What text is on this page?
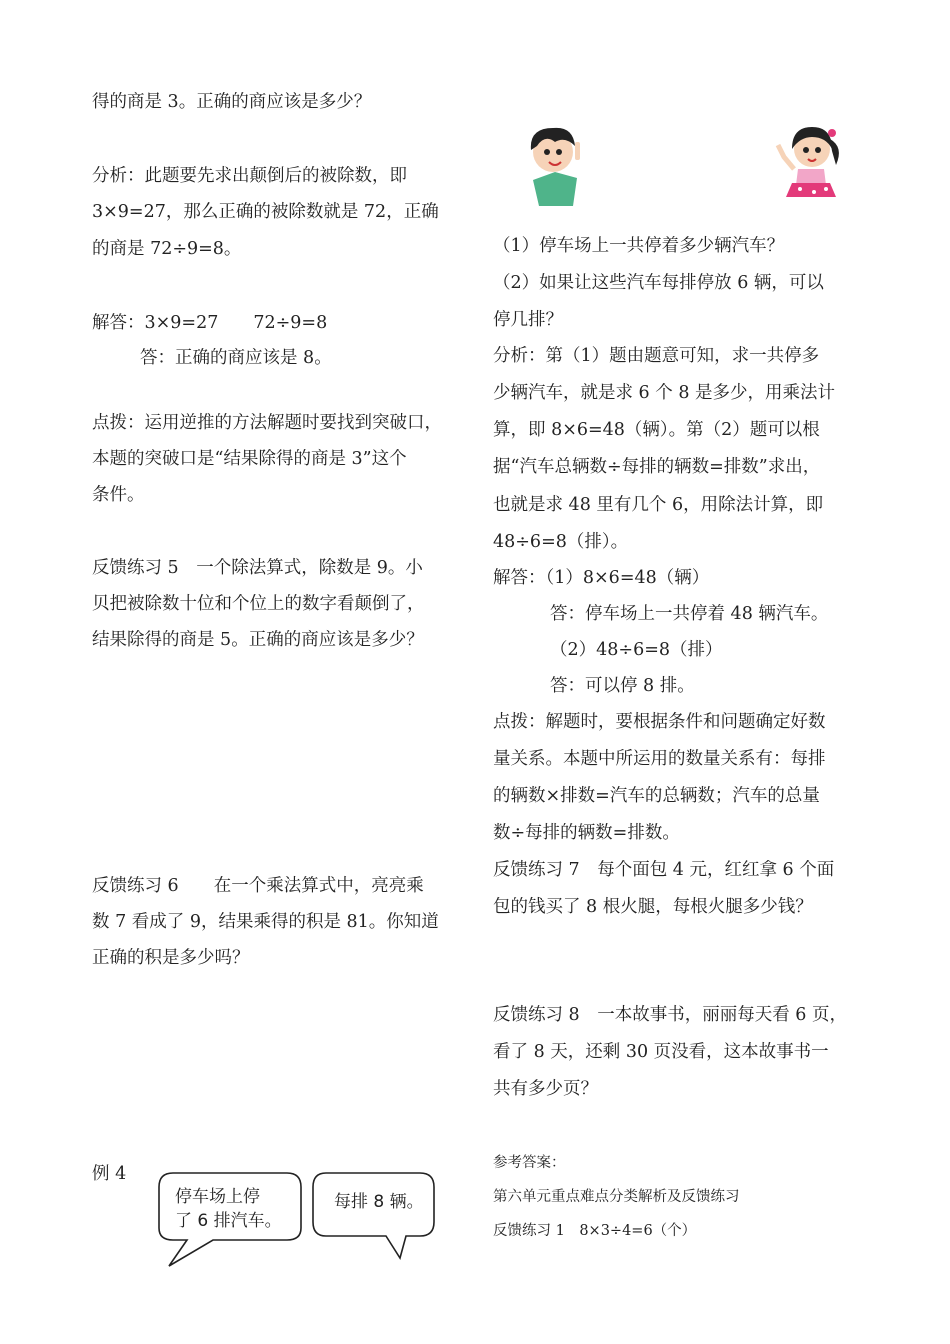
得的商是 3。正确的商应该是多少？
分析：此题要先求出颠倒后的被除数，即
3×9=27，那么正确的被除数就是 72，正确
的商是 72÷9=8。
解答：3×9=27　　72÷9=8
答：正确的商应该是 8。
点拨：运用逆推的方法解题时要找到突破口，
本题的突破口是“结果除得的商是 3”这个
条件。
反馈练习 5　一个除法算式，除数是 9。小
贝把被除数十位和个位上的数字看颠倒了，
结果除得的商是 5。正确的商应该是多少？
反馈练习 6　　在一个乘法算式中，亮亮乘
数 7 看成了 9，结果乘得的积是 81。你知道
正确的积是多少吗？
例 4
停车场上停
了 6 排汽车。
每排 8 辆。
（1）停车场上一共停着多少辆汽车？
（2）如果让这些汽车每排停放 6 辆，可以
停几排？
分析：第（1）题由题意可知，求一共停多
少辆汽车，就是求 6 个 8 是多少，用乘法计
算，即 8×6=48（辆）。第（2）题可以根
据“汽车总辆数÷每排的辆数=排数”求出，
也就是求 48 里有几个 6，用除法计算，即
48÷6=8（排）。
解答：（1）8×6=48（辆）
答：停车场上一共停着 48 辆汽车。
（2）48÷6=8（排）
答：可以停 8 排。
点拨：解题时，要根据条件和问题确定好数
量关系。本题中所运用的数量关系有：每排
的辆数×排数=汽车的总辆数；汽车的总量
数÷每排的辆数=排数。
反馈练习 7　每个面包 4 元，红红拿 6 个面
包的钱买了 8 根火腿，每根火腿多少钱？
反馈练习 8　一本故事书，丽丽每天看 6 页，
看了 8 天，还剩 30 页没看，这本故事书一
共有多少页？
参考答案：
第六单元重点难点分类解析及反馈练习
反馈练习 1　8×3÷4=6（个）
